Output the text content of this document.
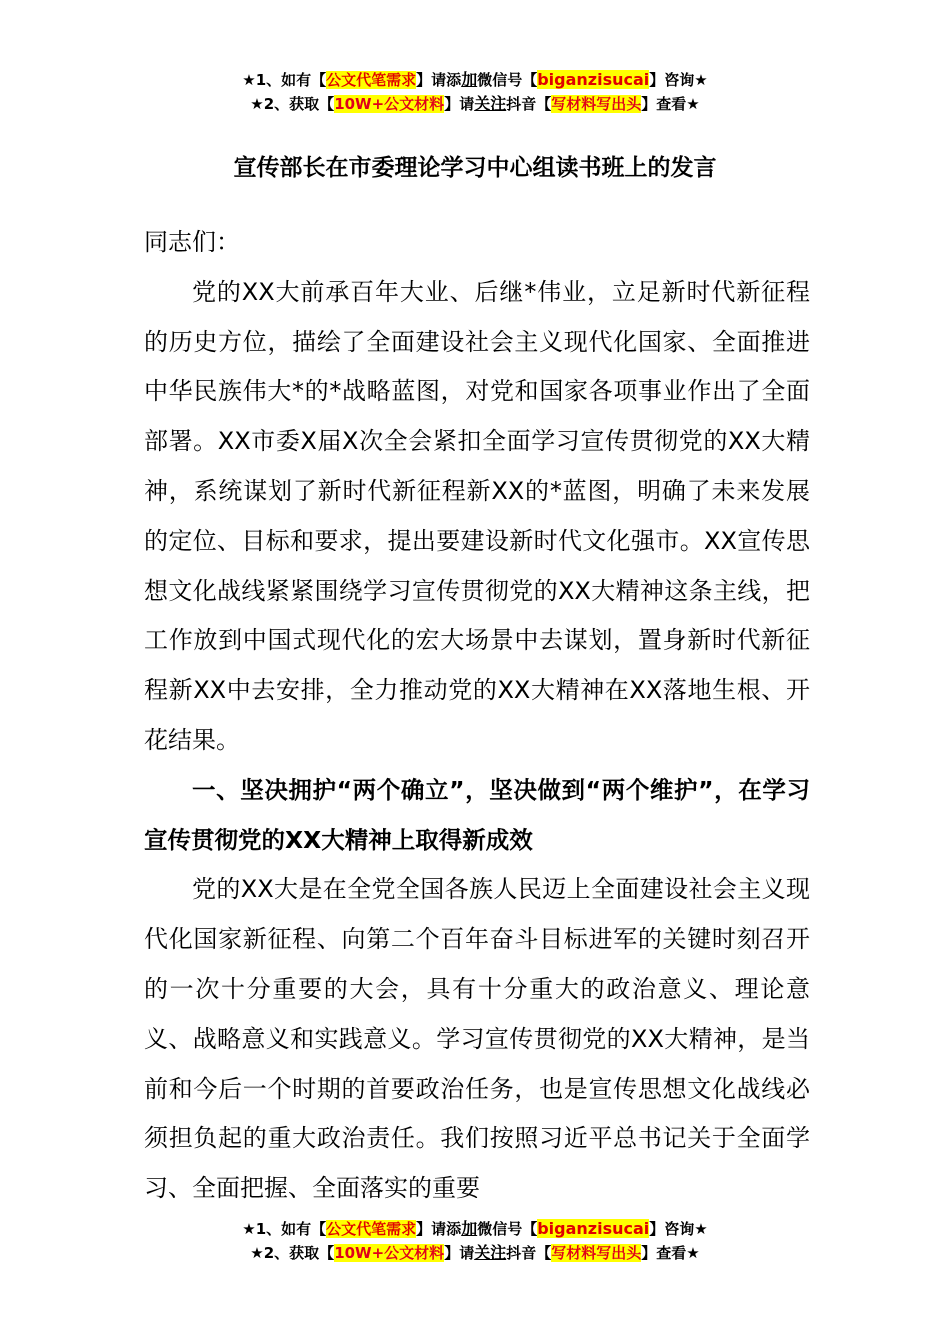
★1、如有【公文代笔需求】请添加微信号【biganzisucai】咨询★
★2、获取【10W+公文材料】请关注抖音【写材料写出头】查看★
宣传部长在市委理论学习中心组读书班上的发言

同志们：

党的XX大前承百年大业、后继*伟业，立足新时代新征程的历史方位，描绘了全面建设社会主义现代化国家、全面推进中华民族伟大*的*战略蓝图，对党和国家各项事业作出了全面部署。XX市委X届X次全会紧扣全面学习宣传贯彻党的XX大精神，系统谋划了新时代新征程新XX的*蓝图，明确了未来发展的定位、目标和要求，提出要建设新时代文化强市。XX宣传思想文化战线紧紧围绕学习宣传贯彻党的XX大精神这条主线，把工作放到中国式现代化的宏大场景中去谋划，置身新时代新征程新XX中去安排，全力推动党的XX大精神在XX落地生根、开花结果。

一、坚决拥护“两个确立”，坚决做到“两个维护”，在学习宣传贯彻党的XX大精神上取得新成效

党的XX大是在全党全国各族人民迈上全面建设社会主义现代化国家新征程、向第二个百年奋斗目标进军的关键时刻召开的一次十分重要的大会，具有十分重大的政治意义、理论意义、战略意义和实践意义。学习宣传贯彻党的XX大精神，是当前和今后一个时期的首要政治任务，也是宣传思想文化战线必须担负起的重大政治责任。我们按照习近平总书记关于全面学习、全面把握、全面落实的重要

★1、如有【公文代笔需求】请添加微信号【biganzisucai】咨询★
★2、获取【10W+公文材料】请关注抖音【写材料写出头】查看★
